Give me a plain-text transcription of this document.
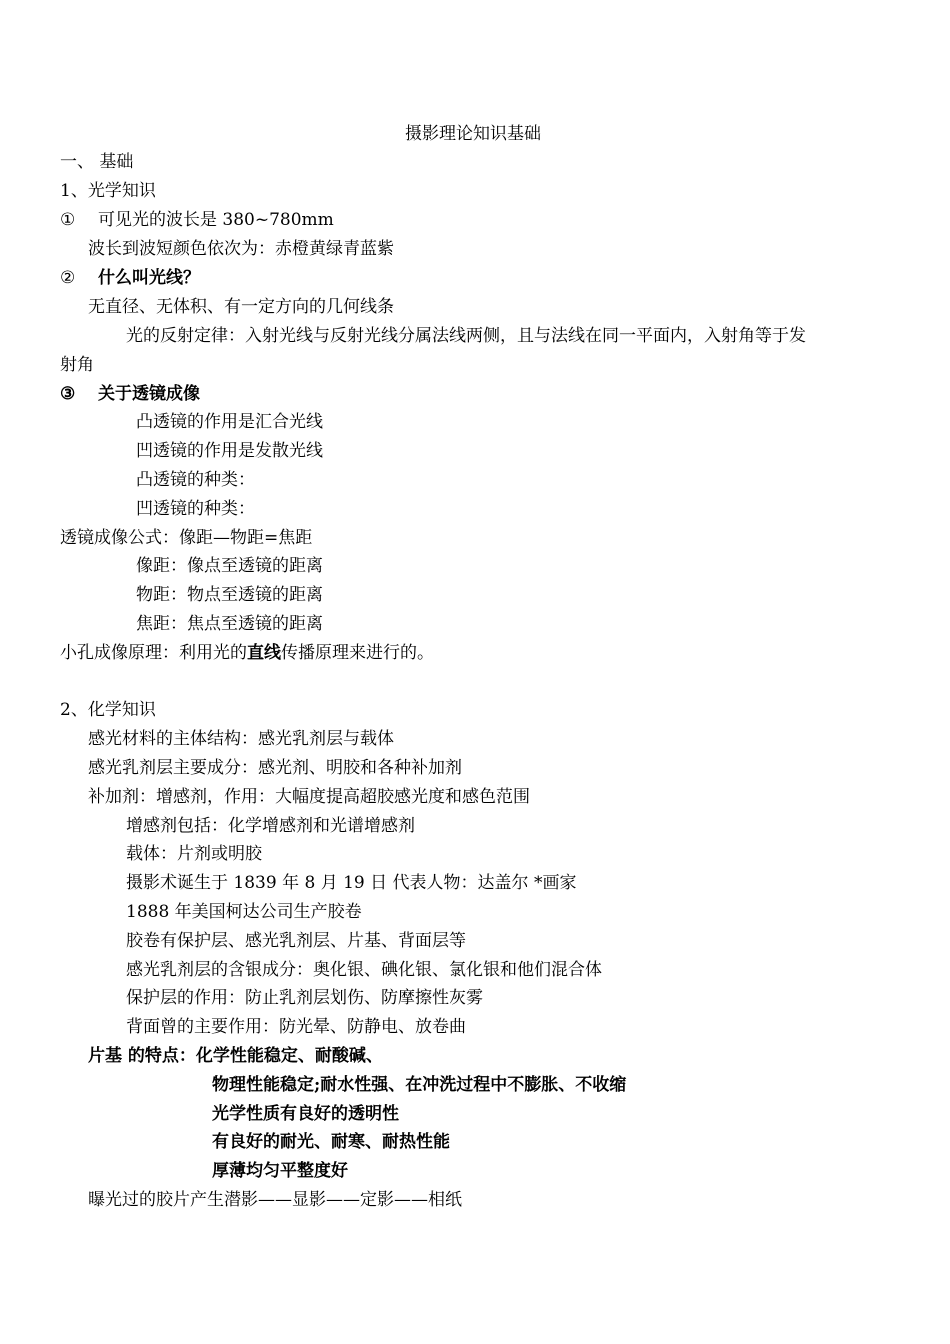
摄影理论知识基础
一、 基础
1、光学知识
① 可见光的波长是 380~780mm
波长到波短颜色依次为：赤橙黄绿青蓝紫
② 什么叫光线？
无直径、无体积、有一定方向的几何线条
光的反射定律：入射光线与反射光线分属法线两侧，且与法线在同一平面内，入射角等于发
射角
③ 关于透镜成像
凸透镜的作用是汇合光线
凹透镜的作用是发散光线
凸透镜的种类：
凹透镜的种类：
透镜成像公式：像距—物距=焦距
像距：像点至透镜的距离
物距：物点至透镜的距离
焦距：焦点至透镜的距离
小孔成像原理：利用光的直线传播原理来进行的。
2、化学知识
感光材料的主体结构：感光乳剂层与载体
感光乳剂层主要成分：感光剂、明胶和各种补加剂
补加剂：增感剂，作用：大幅度提高超胶感光度和感色范围
增感剂包括：化学增感剂和光谱增感剂
载体：片剂或明胶
摄影术诞生于 1839 年 8 月 19 日 代表人物：达盖尔 *画家
1888 年美国柯达公司生产胶卷
胶卷有保护层、感光乳剂层、片基、背面层等
感光乳剂层的含银成分：奥化银、碘化银、氯化银和他们混合体
保护层的作用：防止乳剂层划伤、防摩擦性灰雾
背面曾的主要作用：防光晕、防静电、放卷曲
片基 的特点：化学性能稳定、耐酸碱、
物理性能稳定;耐水性强、在冲洗过程中不膨胀、不收缩
光学性质有良好的透明性
有良好的耐光、耐寒、耐热性能
厚薄均匀平整度好
曝光过的胶片产生潜影——显影——定影——相纸
